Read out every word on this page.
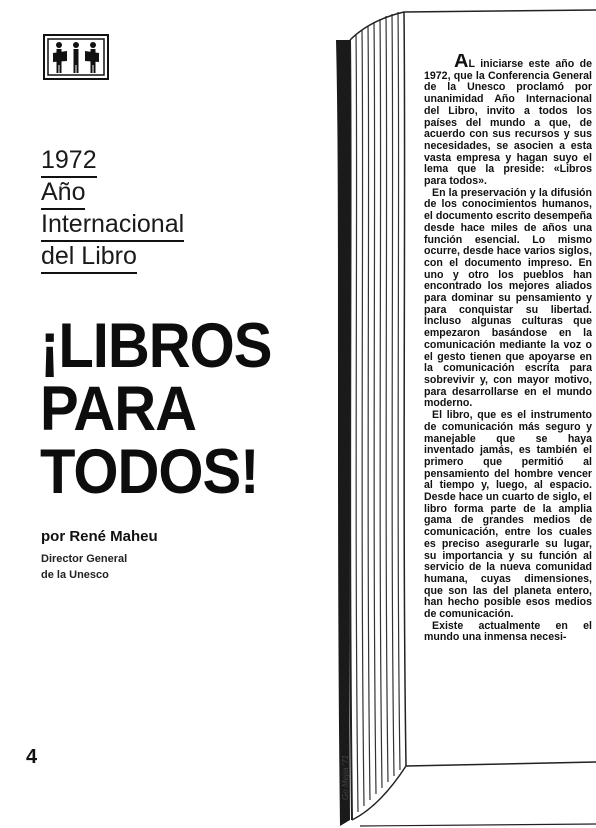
1972
Año
Internacional
del Libro
¡LIBROS
PARA
TODOS!
por René Maheu
Director General
de la Unesco
4	Go Mejía '71

AL iniciarse este año de 1972, que la Conferencia General de la Unesco proclamó por unanimidad Año Internacional del Libro, invito a todos los países del mundo a que, de acuerdo con sus recursos y sus necesidades, se asocien a esta vasta empresa y hagan suyo el lema que la preside: «Libros para todos».

En la preservación y la difusión de los conocimientos humanos, el documento escrito desempeña desde hace miles de años una función esencial. Lo mismo ocurre, desde hace varios siglos, con el documento impreso. En uno y otro los pueblos han encontrado los mejores aliados para dominar su pensamiento y para conquistar su libertad. Incluso algunas culturas que empezaron basándose en la comunicación mediante la voz o el gesto tienen que apoyarse en la comunicación escrita para sobrevivir y, con mayor motivo, para desarrollarse en el mundo moderno.

El libro, que es el instrumento de comunicación más seguro y manejable que se haya inventado jamás, es también el primero que permitió al pensamiento del hombre vencer al tiempo y, luego, al espacio. Desde hace un cuarto de siglo, el libro forma parte de la amplia gama de grandes medios de comunicación, entre los cuales es preciso asegurarle su lugar, su importancia y su función al servicio de la nueva comunidad humana, cuyas dimensiones, que son las del planeta entero, han hecho posible esos medios de comunicación.

Existe actualmente en el mundo una inmensa necesi-
